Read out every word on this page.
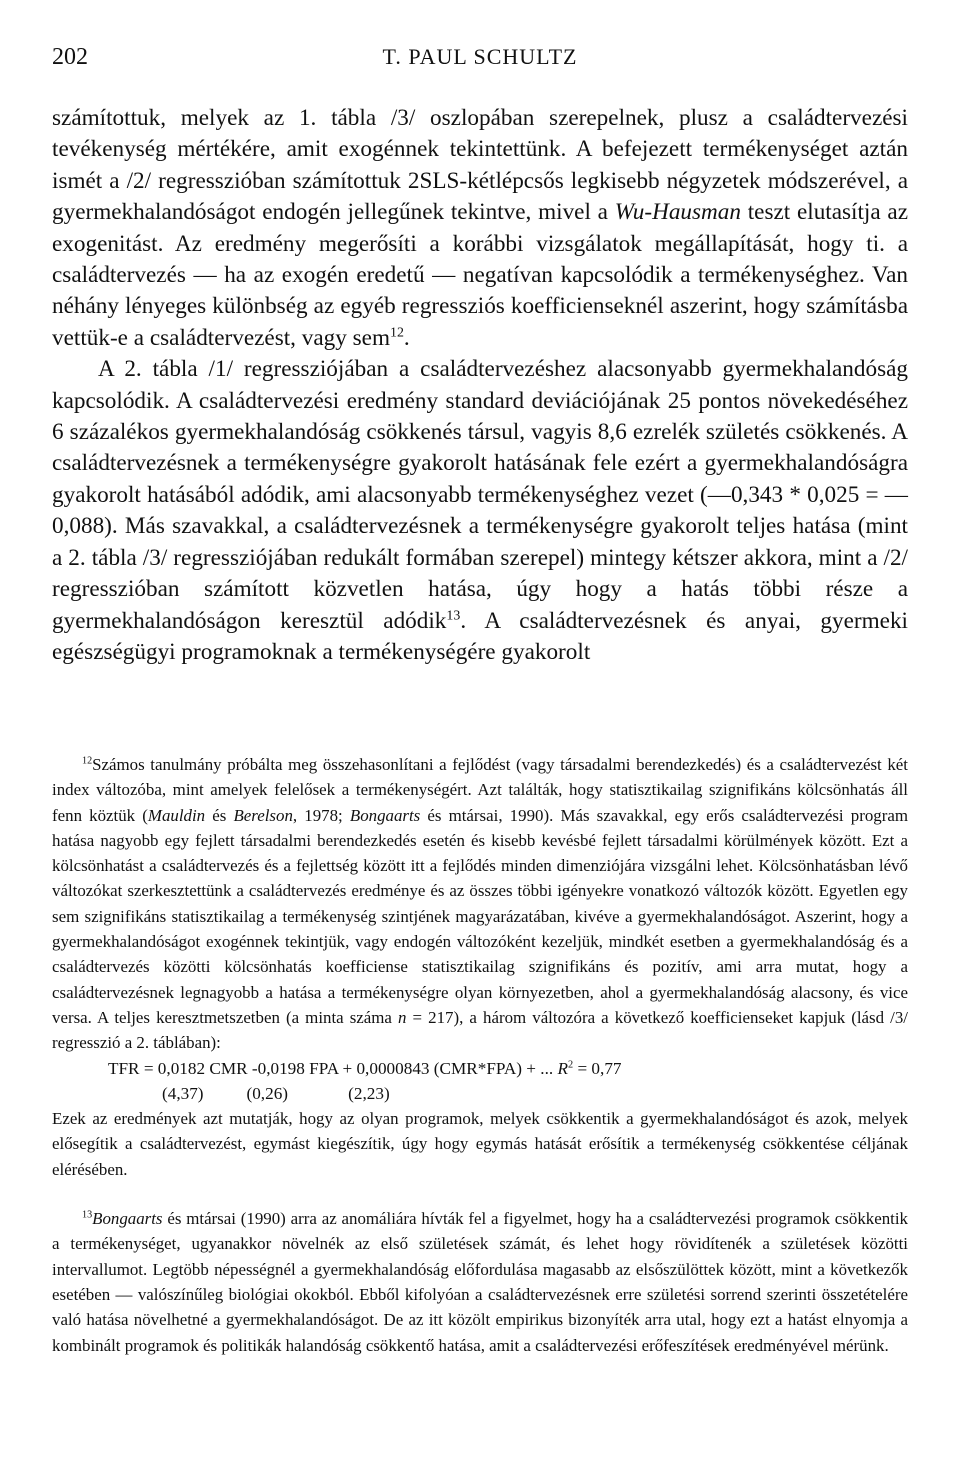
202	T. PAUL SCHULTZ

számítottuk, melyek az 1. tábla /3/ oszlopában szerepelnek, plusz a családtervezési tevékenység mértékére, amit exogénnek tekintettünk. A befejezett termékenységet aztán ismét a /2/ regresszióban számítottuk 2SLS-kétlépcsős legkisebb négyzetek módszerével, a gyermekhalandóságot endogén jellegűnek tekintve, mivel a Wu-Hausman teszt elutasítja az exogenitást. Az eredmény megerősíti a korábbi vizsgálatok megállapítását, hogy ti. a családtervezés — ha az exogén eredetű — negatívan kapcsolódik a termékenységhez. Van néhány lényeges különbség az egyéb regressziós koefficienseknél aszerint, hogy számításba vettük-e a családtervezést, vagy sem$^{12}$.

A 2. tábla /1/ regressziójában a családtervezéshez alacsonyabb gyermekhalandóság kapcsolódik. A családtervezési eredmény standard deviációjának 25 pontos növekedéséhez 6 százalékos gyermekhalandóság csökkenés társul, vagyis 8,6 ezrelék születés csökkenés. A családtervezésnek a termékenységre gyakorolt hatásának fele ezért a gyermekhalandóságra gyakorolt hatásából adódik, ami alacsonyabb termékenységhez vezet (—0,343 * 0,025 = —0,088). Más szavakkal, a családtervezésnek a termékenységre gyakorolt teljes hatása (mint a 2. tábla /3/ regressziójában redukált formában szerepel) mintegy kétszer akkora, mint a /2/ regresszióban számított közvetlen hatása, úgy hogy a hatás többi része a gyermekhalandóságon keresztül adódik$^{13}$. A családtervezésnek és anyai, gyermeki egészségügyi programoknak a termékenységére gyakorolt

$^{12}$Számos tanulmány próbálta meg összehasonlítani a fejlődést (vagy társadalmi berendezkedés) és a családtervezést két index változóba, mint amelyek felelősek a termékenységért. Azt találták, hogy statisztikailag szignifikáns kölcsönhatás áll fenn köztük (Mauldin és Berelson, 1978; Bongaarts és mtársai, 1990). Más szavakkal, egy erős családtervezési program hatása nagyobb egy fejlett társadalmi berendezkedés esetén és kisebb kevésbé fejlett társadalmi körülmények között. Ezt a kölcsönhatást a családtervezés és a fejlettség között itt a fejlődés minden dimenziójára vizsgálni lehet. Kölcsönhatásban lévő változókat szerkesztettünk a családtervezés eredménye és az összes többi igényekre vonatkozó változók között. Egyetlen egy sem szignifikáns statisztikailag a termékenység szintjének magyarázatában, kivéve a gyermekhalandóságot. Aszerint, hogy a gyermekhalandóságot exogénnek tekintjük, vagy endogén változóként kezeljük, mindkét esetben a gyermekhalandóság és a családtervezés közötti kölcsönhatás koefficiense statisztikailag szignifikáns és pozitív, ami arra mutat, hogy a családtervezésnek legnagyobb a hatása a termékenységre olyan környezetben, ahol a gyermekhalandóság alacsony, és vice versa. A teljes keresztmetszetben (a minta száma n = 217), a három változóra a következő koefficienseket kapjuk (lásd /3/ regresszió a 2. táblában):

TFR = 0,0182 CMR -0,0198 FPA + 0,0000843 (CMR*FPA) + ... $R^2 = 0,77$

(4,37)          (0,26)              (2,23)

Ezek az eredmények azt mutatják, hogy az olyan programok, melyek csökkentik a gyermekhalandóságot és azok, melyek elősegítik a családtervezést, egymást kiegészítik, úgy hogy egymás hatását erősítik a termékenység csökkentése céljának elérésében.

$^{13}$Bongaarts és mtársai (1990) arra az anomáliára hívták fel a figyelmet, hogy ha a családtervezési programok csökkentik a termékenységet, ugyanakkor növelnék az első születések számát, és lehet hogy rövidítenék a születések közötti intervallumot. Legtöbb népességnél a gyermekhalandóság előfordulása magasabb az elsőszülöttek között, mint a következők esetében — valószínűleg biológiai okokból. Ebből kifolyóan a családtervezésnek erre születési sorrend szerinti összetételére való hatása növelhetné a gyermekhalandóságot. De az itt közölt empirikus bizonyíték arra utal, hogy ezt a hatást elnyomja a kombinált programok és politikák halandóság csökkentő hatása, amit a családtervezési erőfeszítések eredményével mérünk.
